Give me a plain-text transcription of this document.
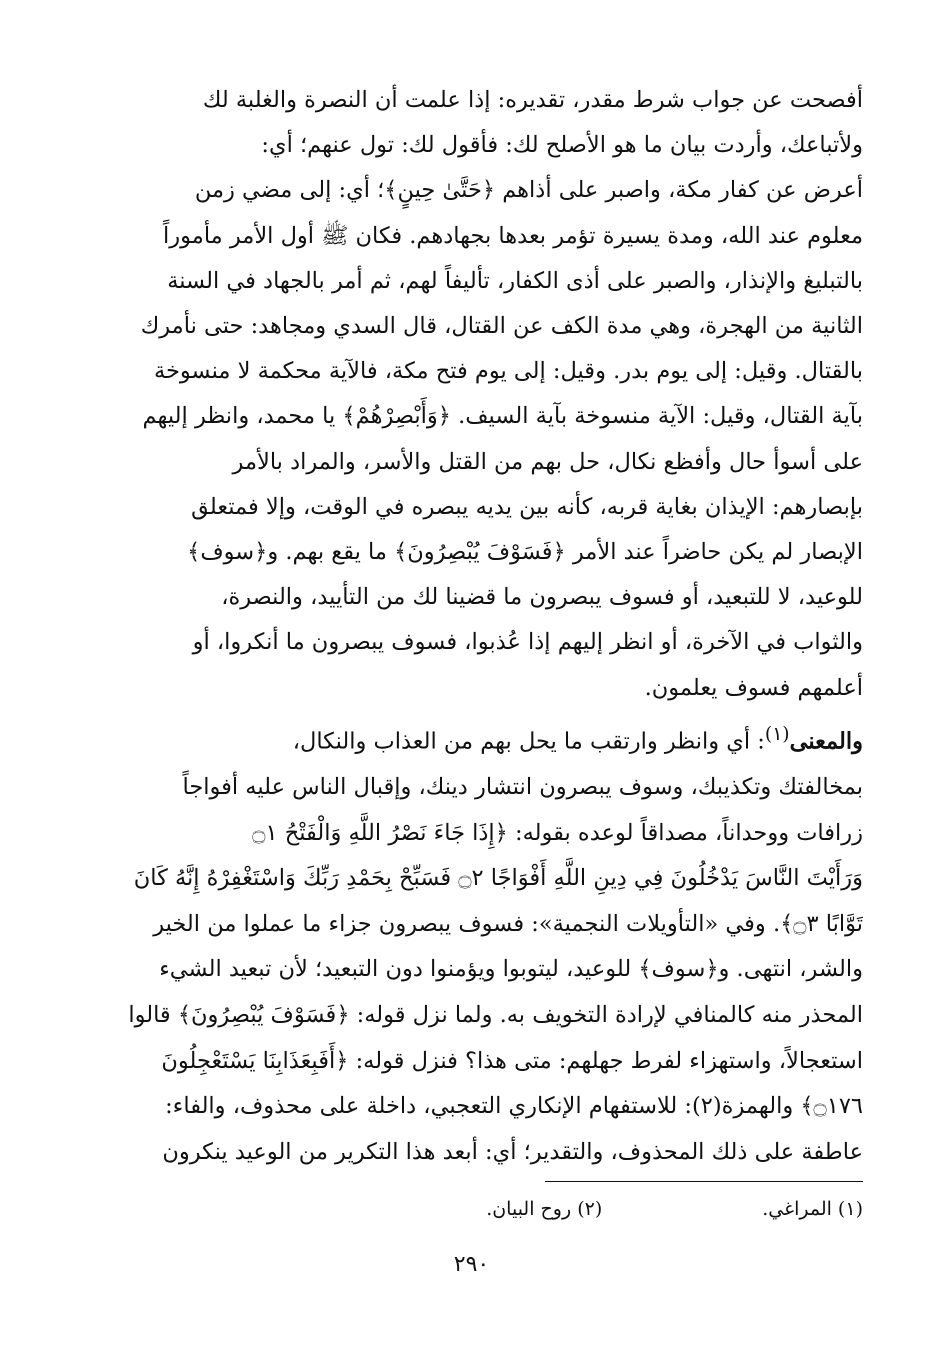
أفصحت عن جواب شرط مقدر، تقديره: إذا علمت أن النصرة والغلبة لك
ولأتباعك، وأردت بيان ما هو الأصلح لك: فأقول لك: تول عنهم؛ أي:
أعرض عن كفار مكة، واصبر على أذاهم ﴿حَتَّىٰ حِينٍ﴾؛ أي: إلى مضي زمن
معلوم عند الله، ومدة يسيرة تؤمر بعدها بجهادهم. فكان ﷺ أول الأمر مأموراً
بالتبليغ والإنذار، والصبر على أذى الكفار، تأليفاً لهم، ثم أمر بالجهاد في السنة
الثانية من الهجرة، وهي مدة الكف عن القتال، قال السدي ومجاهد: حتى نأمرك
بالقتال. وقيل: إلى يوم بدر. وقيل: إلى يوم فتح مكة، فالآية محكمة لا منسوخة
بآية القتال، وقيل: الآية منسوخة بآية السيف. ﴿وَأَبْصِرْهُمْ﴾ يا محمد، وانظر إليهم
على أسوأ حال وأفظع نكال، حل بهم من القتل والأسر، والمراد بالأمر
بإبصارهم: الإيذان بغاية قربه، كأنه بين يديه يبصره في الوقت، وإلا فمتعلق
الإبصار لم يكن حاضراً عند الأمر ﴿فَسَوْفَ يُبْصِرُونَ﴾ ما يقع بهم. و﴿سوف﴾
للوعيد، لا للتبعيد، أو فسوف يبصرون ما قضينا لك من التأييد، والنصرة،
والثواب في الآخرة، أو انظر إليهم إذا عُذبوا، فسوف يبصرون ما أنكروا، أو
أعلمهم فسوف يعلمون.
والمعنى$^{(١)}$: أي وانظر وارتقب ما يحل بهم من العذاب والنكال،
بمخالفتك وتكذيبك، وسوف يبصرون انتشار دينك، وإقبال الناس عليه أفواجاً
زرافات ووحداناً، مصداقاً لوعده بقوله: ﴿إِذَا جَاءَ نَصْرُ اللَّهِ وَالْفَتْحُ ۝١
وَرَأَيْتَ النَّاسَ يَدْخُلُونَ فِي دِينِ اللَّهِ أَفْوَاجًا ۝٢ فَسَبِّحْ بِحَمْدِ رَبِّكَ وَاسْتَغْفِرْهُ إِنَّهُ كَانَ
تَوَّابًا ۝٣﴾. وفي «التأويلات النجمية»: فسوف يبصرون جزاء ما عملوا من الخير
والشر، انتهى. و﴿سوف﴾ للوعيد، ليتوبوا ويؤمنوا دون التبعيد؛ لأن تبعيد الشيء
المحذر منه كالمنافي لإرادة التخويف به. ولما نزل قوله: ﴿فَسَوْفَ يُبْصِرُونَ﴾ قالوا
استعجالاً، واستهزاء لفرط جهلهم: متى هذا؟ فنزل قوله: ﴿أَفَبِعَذَابِنَا يَسْتَعْجِلُونَ
۝١٧٦﴾ والهمزة(٢): للاستفهام الإنكاري التعجبي، داخلة على محذوف، والفاء:
عاطفة على ذلك المحذوف، والتقدير؛ أي: أبعد هذا التكرير من الوعيد ينكرون
(١) المراغي.
(٢) روح البيان.
٢٩٠
